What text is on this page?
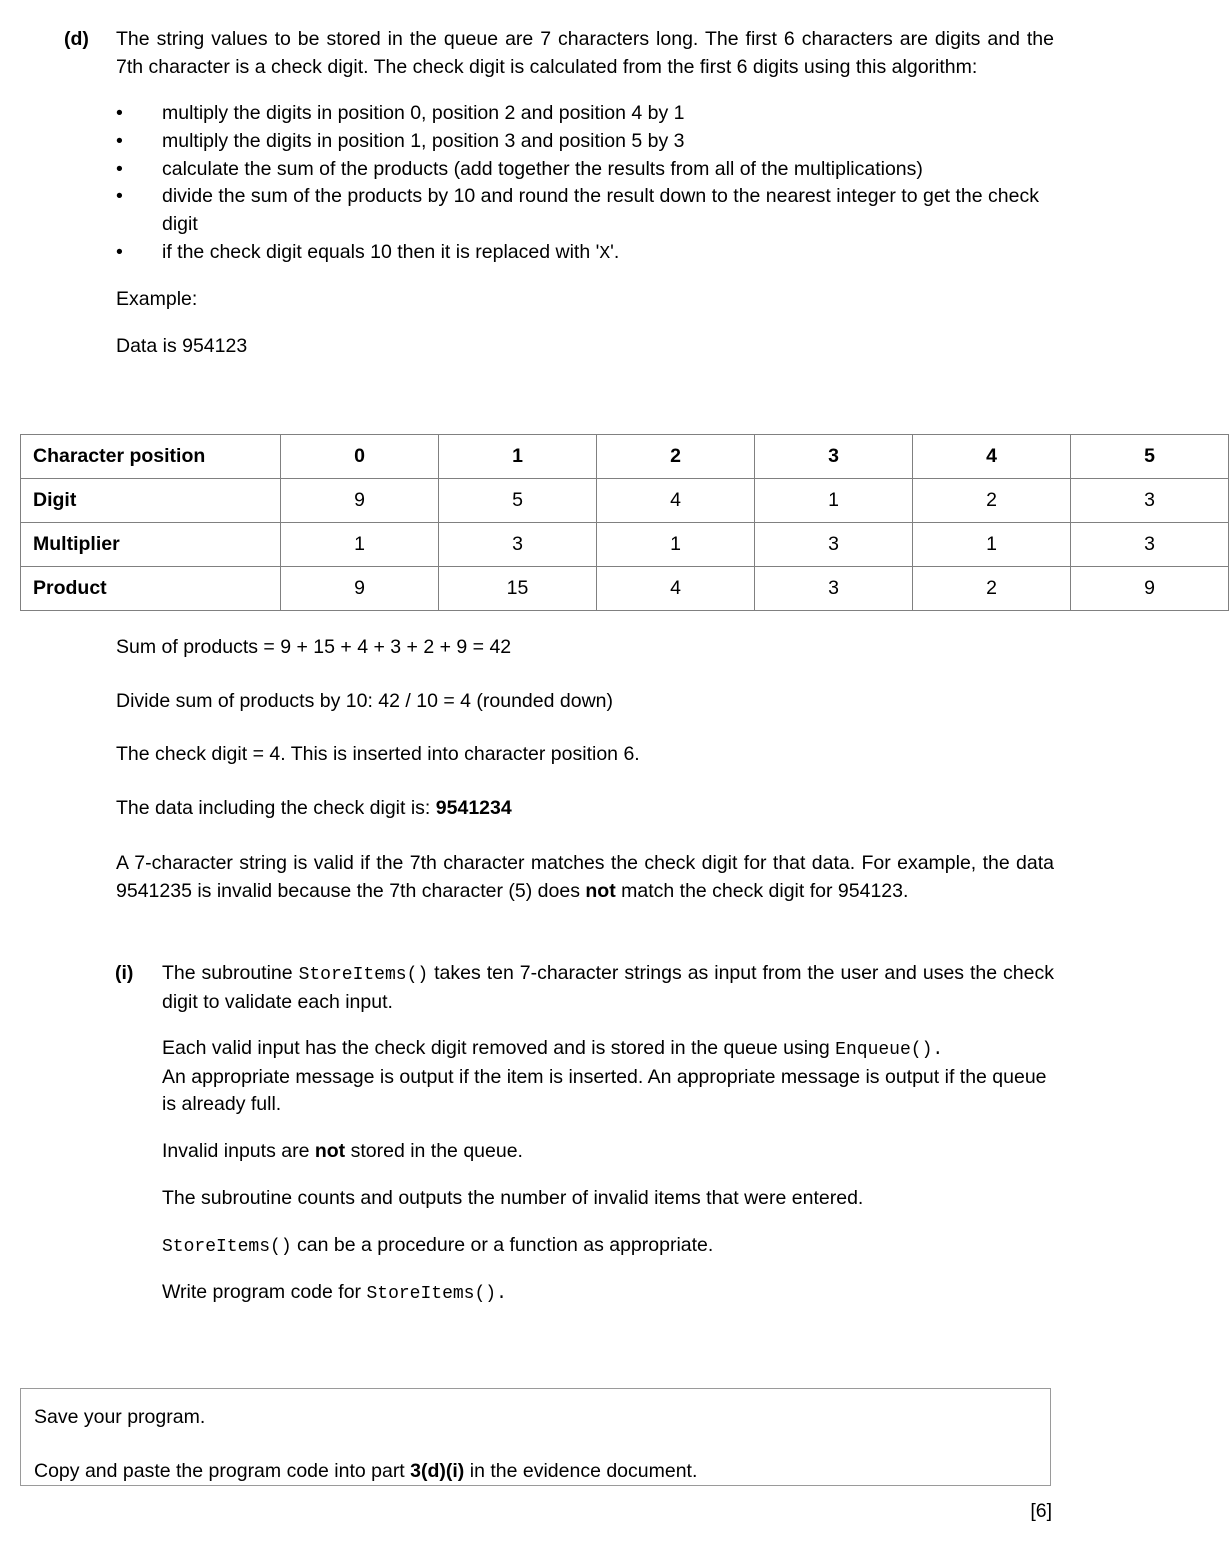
(d)	The string values to be stored in the queue are 7 characters long. The first 6 characters are digits and the 7th character is a check digit. The check digit is calculated from the first 6 digits using this algorithm:

• multiply the digits in position 0, position 2 and position 4 by 1
• multiply the digits in position 1, position 3 and position 5 by 3
• calculate the sum of the products (add together the results from all of the multiplications)
• divide the sum of the products by 10 and round the result down to the nearest integer to get the check digit
• if the check digit equals 10 then it is replaced with 'X'.

Example:

Data is 954123

Character position	0	1	2	3	4	5
Digit	9	5	4	1	2	3
Multiplier	1	3	1	3	1	3
Product	9	15	4	3	2	9

Sum of products = 9 + 15 + 4 + 3 + 2 + 9 = 42

Divide sum of products by 10: 42 / 10 = 4 (rounded down)

The check digit = 4. This is inserted into character position 6.

The data including the check digit is: 9541234

A 7-character string is valid if the 7th character matches the check digit for that data. For example, the data 9541235 is invalid because the 7th character (5) does not match the check digit for 954123.

(i)	The subroutine StoreItems() takes ten 7-character strings as input from the user and uses the check digit to validate each input.

Each valid input has the check digit removed and is stored in the queue using Enqueue().

An appropriate message is output if the item is inserted. An appropriate message is output if the queue is already full.

Invalid inputs are not stored in the queue.

The subroutine counts and outputs the number of invalid items that were entered.

StoreItems() can be a procedure or a function as appropriate.

Write program code for StoreItems().

Save your program.

Copy and paste the program code into part 3(d)(i) in the evidence document.

[6]
